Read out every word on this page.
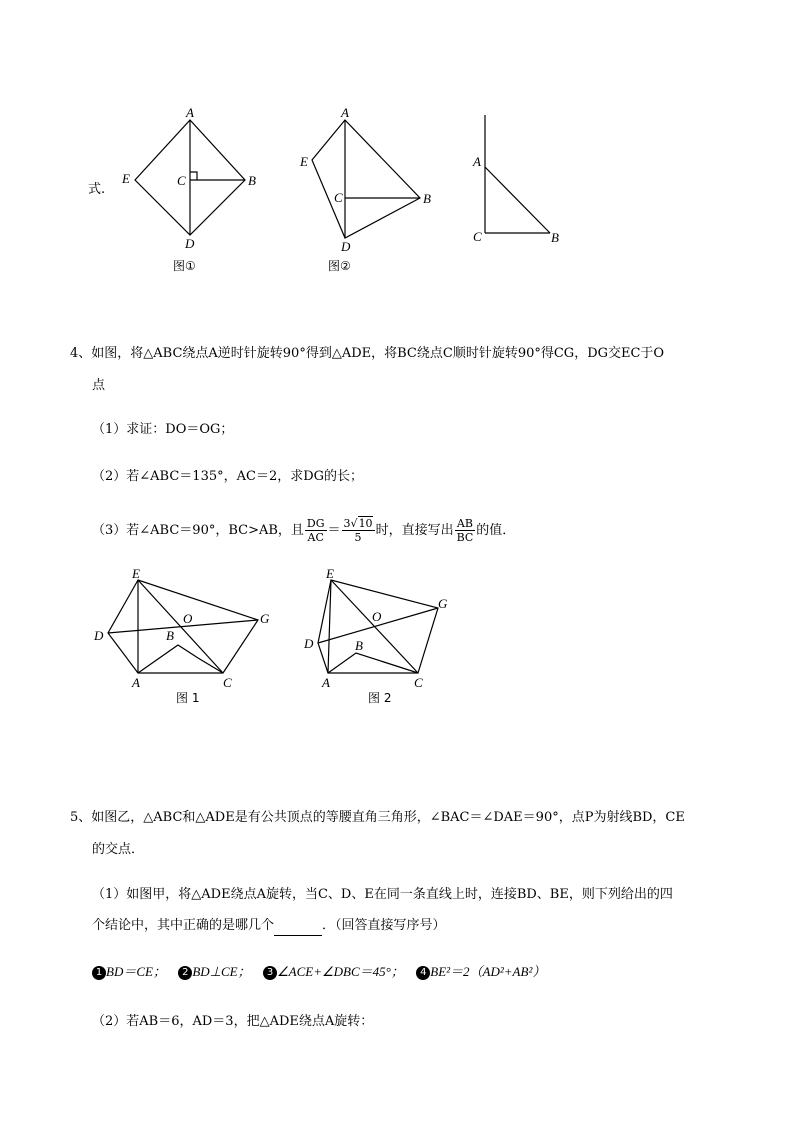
式.
A
B
C
D
E
图①
A
B
C
D
E
图②
A
B
C
4、如图，将△ABC绕点A逆时针旋转90°得到△ADE，将BC绕点C顺时针旋转90°得CG，DG交EC于O
点
（1）求证：DO＝OG；
（2）若∠ABC＝135°，AC＝2，求DG的长；
（3）若∠ABC＝90°，BC>AB，且 $\frac{DG}{AC} = \frac{3√10}{5}$ 时，直接写出 $\frac{AB}{BC}$ 的值．
E
D
A	C
G
O
B
图 1
E
D
A	C
G
O
B
图 2
5、如图乙，△ABC和△ADE是有公共顶点的等腰直角三角形，∠BAC＝∠DAE＝90°，点P为射线BD，CE
的交点．
（1）如图甲，将△ADE绕点A旋转，当C、D、E在同一条直线上时，连接BD、BE，则下列给出的四
个结论中，其中正确的是哪几个	．（回答直接写序号）
1 BD＝CE； 2 BD⊥CE； 3 ∠ACE+∠DBC＝45°； 4 BE²＝2（AD²+AB²）
（2）若AB＝6，AD＝3，把△ADE绕点A旋转：
